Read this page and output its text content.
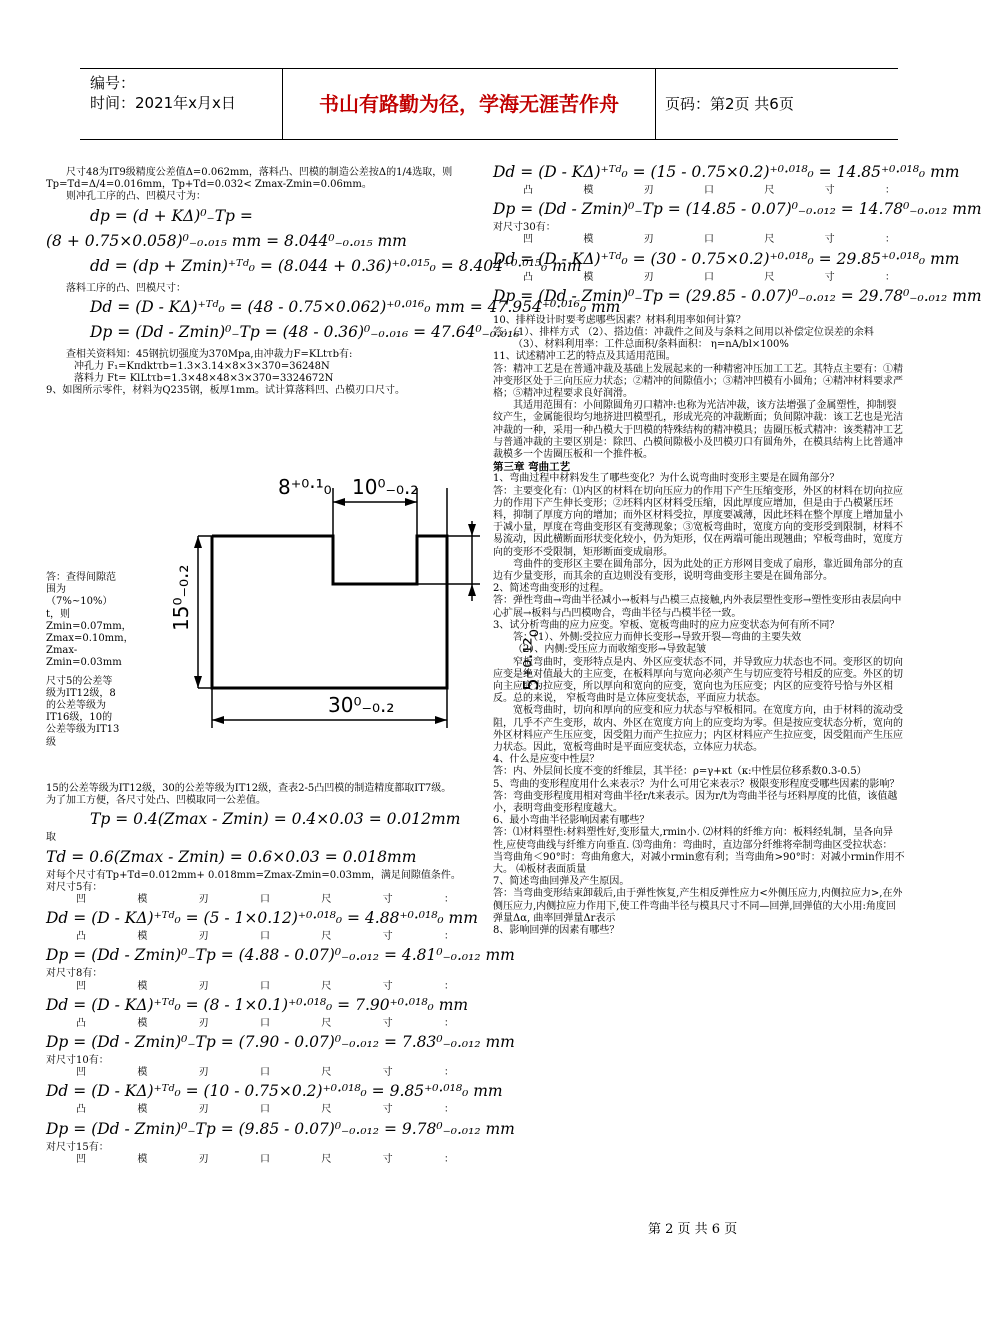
编号：
时间：2021年x月x日	书山有路勤为径，学海无涯苦作舟	页码：第2页 共6页

尺寸48为IT9级精度公差值Δ=0.062mm，落料凸、凹模的制造公差按Δ的1/4选取，则 Tp=Td=Δ/4=0.016mm，Tp+Td=0.032< Zmax-Zmin=0.06mm。

则冲孔工序的凸、凹模尺寸为：

dp = (d + KΔ)⁰₋Tp =

(8 + 0.75×0.058)⁰₋₀.₀₁₅ mm = 8.044⁰₋₀.₀₁₅ mm

dd = (dp + Zmin)⁺ᵀᵈ₀ = (8.044 + 0.36)⁺⁰·⁰¹⁵₀ = 8.404⁺⁰·⁰¹⁵₀ mm

落料工序的凸、凹模尺寸：

Dd = (D - KΔ)⁺ᵀᵈ₀ = (48 - 0.75×0.062)⁺⁰·⁰¹⁶₀ mm = 47.954⁺⁰·⁰¹⁶₀ mm

Dp = (Dd - Zmin)⁰₋Tp = (48 - 0.36)⁰₋₀.₀₁₆ = 47.64⁰₋₀.₀₁₆

查相关资料知：45钢抗切强度为370Mpa,由冲裁力F=KLtτb有:

冲孔力 F₁=Kπdktτb=1.3×3.14×8×3×370=36248N

落料力 Ft= KlLtτb=1.3×48×48×3×370=3324672N

9、如图所示零件，材料为Q235钢，板厚1mm。试计算落料凹、凸模刃口尺寸。

8⁺⁰·¹₀ 10⁰₋₀.₂
5⁺⁰·¹²₀
15⁰₋₀.₂
30⁰₋₀.₂

答：查得间隙范围为（7%~10%）t，则Zmin=0.07mm，Zmax=0.10mm，Zmax-Zmin=0.03mm

尺寸5的公差等级为IT12级，8的公差等级为IT16级，10的公差等级为IT13级

15的公差等级为IT12级，30的公差等级为IT12级，查表2-5凸凹模的制造精度都取IT7级。

为了加工方便，各尺寸处凸、凹模取同一公差值。

Tp = 0.4(Zmax - Zmin) = 0.4×0.03 = 0.012mm

取

Td = 0.6(Zmax - Zmin) = 0.6×0.03 = 0.018mm

对每个尺寸有Tp+Td=0.012mm+ 0.018mm=Zmax-Zmin=0.03mm，满足间隙值条件。

对尺寸5有：

凹模刃口尺寸：

Dd = (D - KΔ)⁺ᵀᵈ₀ = (5 - 1×0.12)⁺⁰·⁰¹⁸₀ = 4.88⁺⁰·⁰¹⁸₀ mm

凸模刃口尺寸：

Dp = (Dd - Zmin)⁰₋Tp = (4.88 - 0.07)⁰₋₀.₀₁₂ = 4.81⁰₋₀.₀₁₂ mm

对尺寸8有：

凹模刃口尺寸：

Dd = (D - KΔ)⁺ᵀᵈ₀ = (8 - 1×0.1)⁺⁰·⁰¹⁸₀ = 7.90⁺⁰·⁰¹⁸₀ mm

凸模刃口尺寸：

Dp = (Dd - Zmin)⁰₋Tp = (7.90 - 0.07)⁰₋₀.₀₁₂ = 7.83⁰₋₀.₀₁₂ mm

对尺寸10有：

凹模刃口尺寸：

Dd = (D - KΔ)⁺ᵀᵈ₀ = (10 - 0.75×0.2)⁺⁰·⁰¹⁸₀ = 9.85⁺⁰·⁰¹⁸₀ mm

凸模刃口尺寸：

Dp = (Dd - Zmin)⁰₋Tp = (9.85 - 0.07)⁰₋₀.₀₁₂ = 9.78⁰₋₀.₀₁₂ mm

对尺寸15有：

凹模刃口尺寸：

Dd = (D - KΔ)⁺ᵀᵈ₀ = (15 - 0.75×0.2)⁺⁰·⁰¹⁸₀ = 14.85⁺⁰·⁰¹⁸₀ mm

凸模刃口尺寸：

Dp = (Dd - Zmin)⁰₋Tp = (14.85 - 0.07)⁰₋₀.₀₁₂ = 14.78⁰₋₀.₀₁₂ mm

对尺寸30有：

凹模刃口尺寸：

Dd = (D - KΔ)⁺ᵀᵈ₀ = (30 - 0.75×0.2)⁺⁰·⁰¹⁸₀ = 29.85⁺⁰·⁰¹⁸₀ mm

凸模刃口尺寸：

Dp = (Dd - Zmin)⁰₋Tp = (29.85 - 0.07)⁰₋₀.₀₁₂ = 29.78⁰₋₀.₀₁₂ mm

10、排样设计时要考虑哪些因素？材料利用率如何计算？

答：（1）、排样方式 （2）、搭边值：冲裁件之间及与条料之间用以补偿定位误差的余料

（3）、材料利用率：工件总面积/条料面积： η=nA/bl×100%

11、试述精冲工艺的特点及其适用范围。

答：精冲工艺是在普通冲裁及基础上发展起来的一种精密冲压加工工艺。其特点主要有：①精冲变形区处于三向压应力状态；②精冲的间隙值小；③精冲凹模有小圆角；④精冲材料要求严格；⑤精冲过程要求良好润滑。

其适用范围有：小间隙圆角刃口精冲:也称为光洁冲裁，该方法增强了金属塑性，抑制裂纹产生，金属能很均匀地挤进凹模型孔，形成光亮的冲裁断面；负间隙冲裁：该工艺也是光洁冲裁的一种，采用一种凸模大于凹模的特殊结构的精冲模具；齿圈压板式精冲：该类精冲工艺与普通冲裁的主要区别是：除凹、凸模间隙极小及凹模刃口有圆角外，在模具结构上比普通冲裁模多一个齿圈压板和一个推件板。

第三章 弯曲工艺

1、弯曲过程中材料发生了哪些变化？为什么说弯曲时变形主要是在圆角部分？

答：主要变化有：⑴内区的材料在切向压应力的作用下产生压缩变形，外区的材料在切向拉应力的作用下产生伸长变形；②坯料内区材料受压缩，因此厚度应增加，但是由于凸模紧压坯料，抑制了厚度方向的增加；而外区材料受拉，厚度要减薄，因此坯料在整个厚度上增加量小于减小量，厚度在弯曲变形区有变薄现象；③宽板弯曲时，宽度方向的变形受到限制，材料不易流动，因此横断面形状变化较小，仍为矩形，仅在两端可能出现翘曲；窄板弯曲时，宽度方向的变形不受限制，矩形断面变成扇形。

弯曲件的变形区主要在圆角部分，因为此处的正方形网目变成了扇形，靠近圆角部分的直边有少量变形，而其余的直边则没有变形，说明弯曲变形主要是在圆角部分。

2、简述弯曲变形的过程。

答：弹性弯曲→弯曲半径减小→板料与凸模三点接触,内外表层塑性变形→塑性变形由表层向中心扩展→板料与凸凹模吻合，弯曲半径与凸模半径一致。

3、试分析弯曲的应力应变。窄板、宽板弯曲时的应力应变状态为何有所不同？

答：（1）、外侧:受拉应力而伸长变形→导致开裂—弯曲的主要失效

（2）、内侧:受压应力而收缩变形→导致起皱

窄板弯曲时，变形特点是内、外区应变状态不同，并导致应力状态也不同。变形区的切向应变是绝对值最大的主应变，在板料厚向与宽向必须产生与切应变符号相反的应变。外区的切向主应变为拉应变，所以厚向和宽向的应变，宽向也为压应变；内区的应变符号恰与外区相反。总的来说， 窄板弯曲时是立体应变状态，平面应力状态。

宽板弯曲时，切向和厚向的应变和应力状态与窄板相同。在宽度方向，由于材料的流动受阻，几乎不产生变形，故内、外区在宽度方向上的应变均为零。但是按应变状态分析，宽向的外区材料应产生压应变，因受阻力而产生拉应力；内区材料应产生拉应变，因受阻而产生压应力状态。因此，宽板弯曲时是平面应变状态，立体应力状态。

4、什么是应变中性层？

答：内、外层间长度不变的纤维层，其半径：ρ=γ+κt（κ:中性层位移系数0.3-0.5）

5、弯曲的变形程度用什么来表示？为什么可用它来表示？极限变形程度受哪些因素的影响？

答：弯曲变形程度用相对弯曲半径r/t来表示。因为r/t为弯曲半径与坯料厚度的比值，该值越小，表明弯曲变形程度越大。

6、最小弯曲半径影响因素有哪些？

答：⑴材料塑性:材料塑性好,变形量大,rmin小. ⑵材料的纤维方向：板料经轧制，呈各向异性,应使弯曲线与纤维方向垂直. ⑶弯曲角：弯曲时，直边部分纤维将牵制弯曲区受拉状态： 当弯曲角＜90°时：弯曲角愈大，对减小rmin愈有利；当弯曲角>90°时：对减小rmin作用不大。 ⑷板材表面质量

7、简述弯曲回弹及产生原因。

答：当弯曲变形结束卸载后,由于弹性恢复,产生相反弹性应力<外侧压应力,内侧拉应力>,在外侧压应力,内侧拉应力作用下,使工件弯曲半径与模具尺寸不同—回弹,回弹值的大小用:角度回弹量Δα, 曲率回弹量Δr表示

8、影响回弹的因素有哪些？

第 2 页 共 6 页
